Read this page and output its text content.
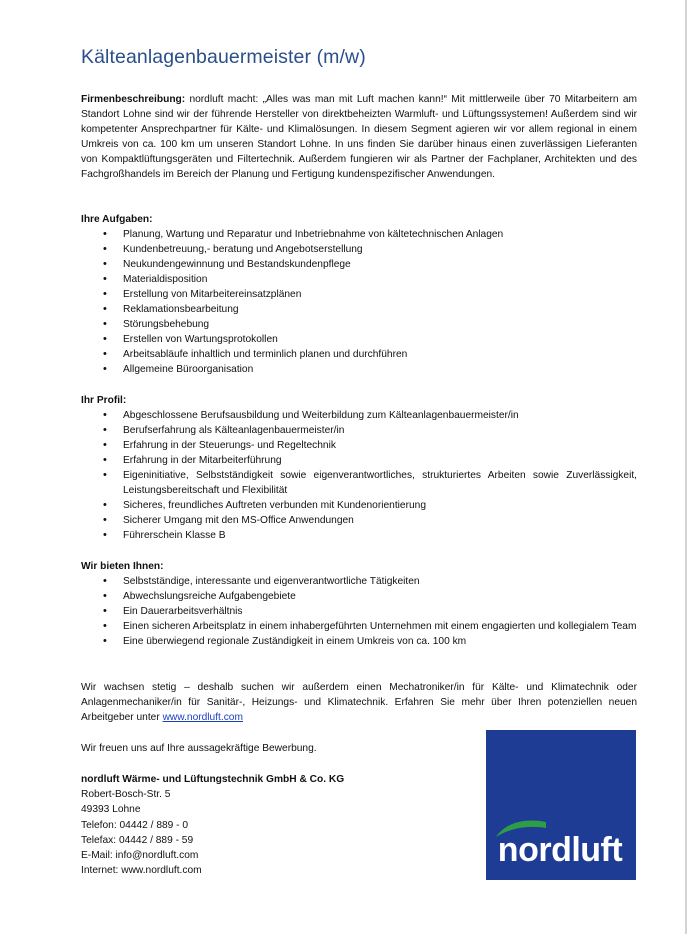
Kälteanlagenbauermeister (m/w)

Firmenbeschreibung: nordluft macht: „Alles was man mit Luft machen kann!“ Mit mittlerweile über 70 Mitarbeitern am Standort Lohne sind wir der führende Hersteller von direktbeheizten Warmluft- und Lüftungssystemen! Außerdem sind wir kompetenter Ansprechpartner für Kälte- und Klimalösungen. In diesem Segment agieren wir vor allem regional in einem Umkreis von ca. 100 km um unseren Standort Lohne. In uns finden Sie darüber hinaus einen zuverlässigen Lieferanten von Kompaktlüftungsgeräten und Filtertechnik. Außerdem fungieren wir als Partner der Fachplaner, Architekten und des Fachgroßhandels im Bereich der Planung und Fertigung kundenspezifischer Anwendungen.

Ihre Aufgaben:

• Planung, Wartung und Reparatur und Inbetriebnahme von kältetechnischen Anlagen
• Kundenbetreuung,- beratung und Angebotserstellung
• Neukundengewinnung und Bestandskundenpflege
• Materialdisposition
• Erstellung von Mitarbeitereinsatzplänen
• Reklamationsbearbeitung
• Störungsbehebung
• Erstellen von Wartungsprotokollen
• Arbeitsabläufe inhaltlich und terminlich planen und durchführen
• Allgemeine Büroorganisation

Ihr Profil:

• Abgeschlossene Berufsausbildung und Weiterbildung zum Kälteanlagenbauermeister/in
• Berufserfahrung als Kälteanlagenbauermeister/in
• Erfahrung in der Steuerungs- und Regeltechnik
• Erfahrung in der Mitarbeiterführung
• Eigeninitiative, Selbstständigkeit sowie eigenverantwortliches, strukturiertes Arbeiten sowie Zuverlässigkeit, Leistungsbereitschaft und Flexibilität
• Sicheres, freundliches Auftreten verbunden mit Kundenorientierung
• Sicherer Umgang mit den MS-Office Anwendungen
• Führerschein Klasse B

Wir bieten Ihnen:

• Selbstständige, interessante und eigenverantwortliche Tätigkeiten
• Abwechslungsreiche Aufgabengebiete
• Ein Dauerarbeitsverhältnis
• Einen sicheren Arbeitsplatz in einem inhabergeführten Unternehmen mit einem engagierten und kollegialem Team
• Eine überwiegend regionale Zuständigkeit in einem Umkreis von ca. 100 km

Wir wachsen stetig – deshalb suchen wir außerdem einen Mechatroniker/in für Kälte- und Klimatechnik oder Anlagenmechaniker/in für Sanitär-, Heizungs- und Klimatechnik. Erfahren Sie mehr über Ihren potenziellen neuen Arbeitgeber unter www.nordluft.com

Wir freuen uns auf Ihre aussagekräftige Bewerbung.

nordluft Wärme- und Lüftungstechnik GmbH & Co. KG
Robert-Bosch-Str. 5
49393 Lohne
Telefon: 04442 / 889 - 0
Telefax: 04442 / 889 - 59
E-Mail: info@nordluft.com
Internet: www.nordluft.com
nordluft
